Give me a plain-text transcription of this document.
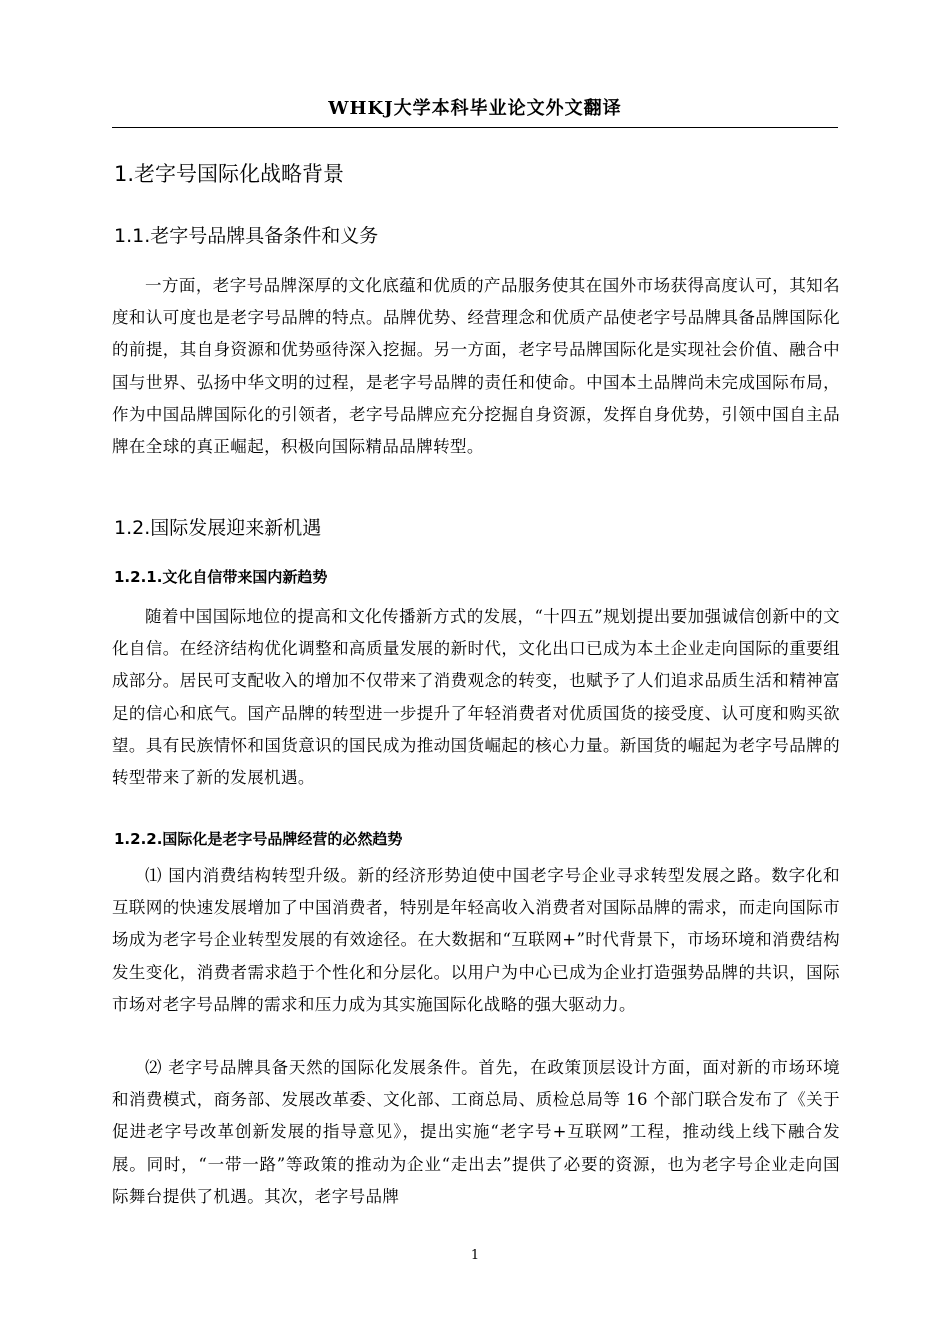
WHKJ大学本科毕业论文外文翻译
1.老字号国际化战略背景
1.1.老字号品牌具备条件和义务

一方面，老字号品牌深厚的文化底蕴和优质的产品服务使其在国外市场获得高度认可，其知名度和认可度也是老字号品牌的特点。品牌优势、经营理念和优质产品使老字号品牌具备品牌国际化的前提，其自身资源和优势亟待深入挖掘。另一方面，老字号品牌国际化是实现社会价值、融合中国与世界、弘扬中华文明的过程，是老字号品牌的责任和使命。中国本土品牌尚未完成国际布局，作为中国品牌国际化的引领者，老字号品牌应充分挖掘自身资源，发挥自身优势，引领中国自主品牌在全球的真正崛起，积极向国际精品品牌转型。

1.2.国际发展迎来新机遇
1.2.1.文化自信带来国内新趋势

随着中国国际地位的提高和文化传播新方式的发展，“十四五”规划提出要加强诚信创新中的文化自信。在经济结构优化调整和高质量发展的新时代，文化出口已成为本土企业走向国际的重要组成部分。居民可支配收入的增加不仅带来了消费观念的转变，也赋予了人们追求品质生活和精神富足的信心和底气。国产品牌的转型进一步提升了年轻消费者对优质国货的接受度、认可度和购买欲望。具有民族情怀和国货意识的国民成为推动国货崛起的核心力量。新国货的崛起为老字号品牌的转型带来了新的发展机遇。

1.2.2.国际化是老字号品牌经营的必然趋势

⑴ 国内消费结构转型升级。新的经济形势迫使中国老字号企业寻求转型发展之路。数字化和互联网的快速发展增加了中国消费者，特别是年轻高收入消费者对国际品牌的需求，而走向国际市场成为老字号企业转型发展的有效途径。在大数据和“互联网+”时代背景下，市场环境和消费结构发生变化，消费者需求趋于个性化和分层化。以用户为中心已成为企业打造强势品牌的共识，国际市场对老字号品牌的需求和压力成为其实施国际化战略的强大驱动力。

⑵ 老字号品牌具备天然的国际化发展条件。首先，在政策顶层设计方面，面对新的市场环境和消费模式，商务部、发展改革委、文化部、工商总局、质检总局等 16 个部门联合发布了《关于促进老字号改革创新发展的指导意见》，提出实施“老字号+互联网”工程，推动线上线下融合发展。同时，“一带一路”等政策的推动为企业“走出去”提供了必要的资源，也为老字号企业走向国际舞台提供了机遇。其次，老字号品牌

1
